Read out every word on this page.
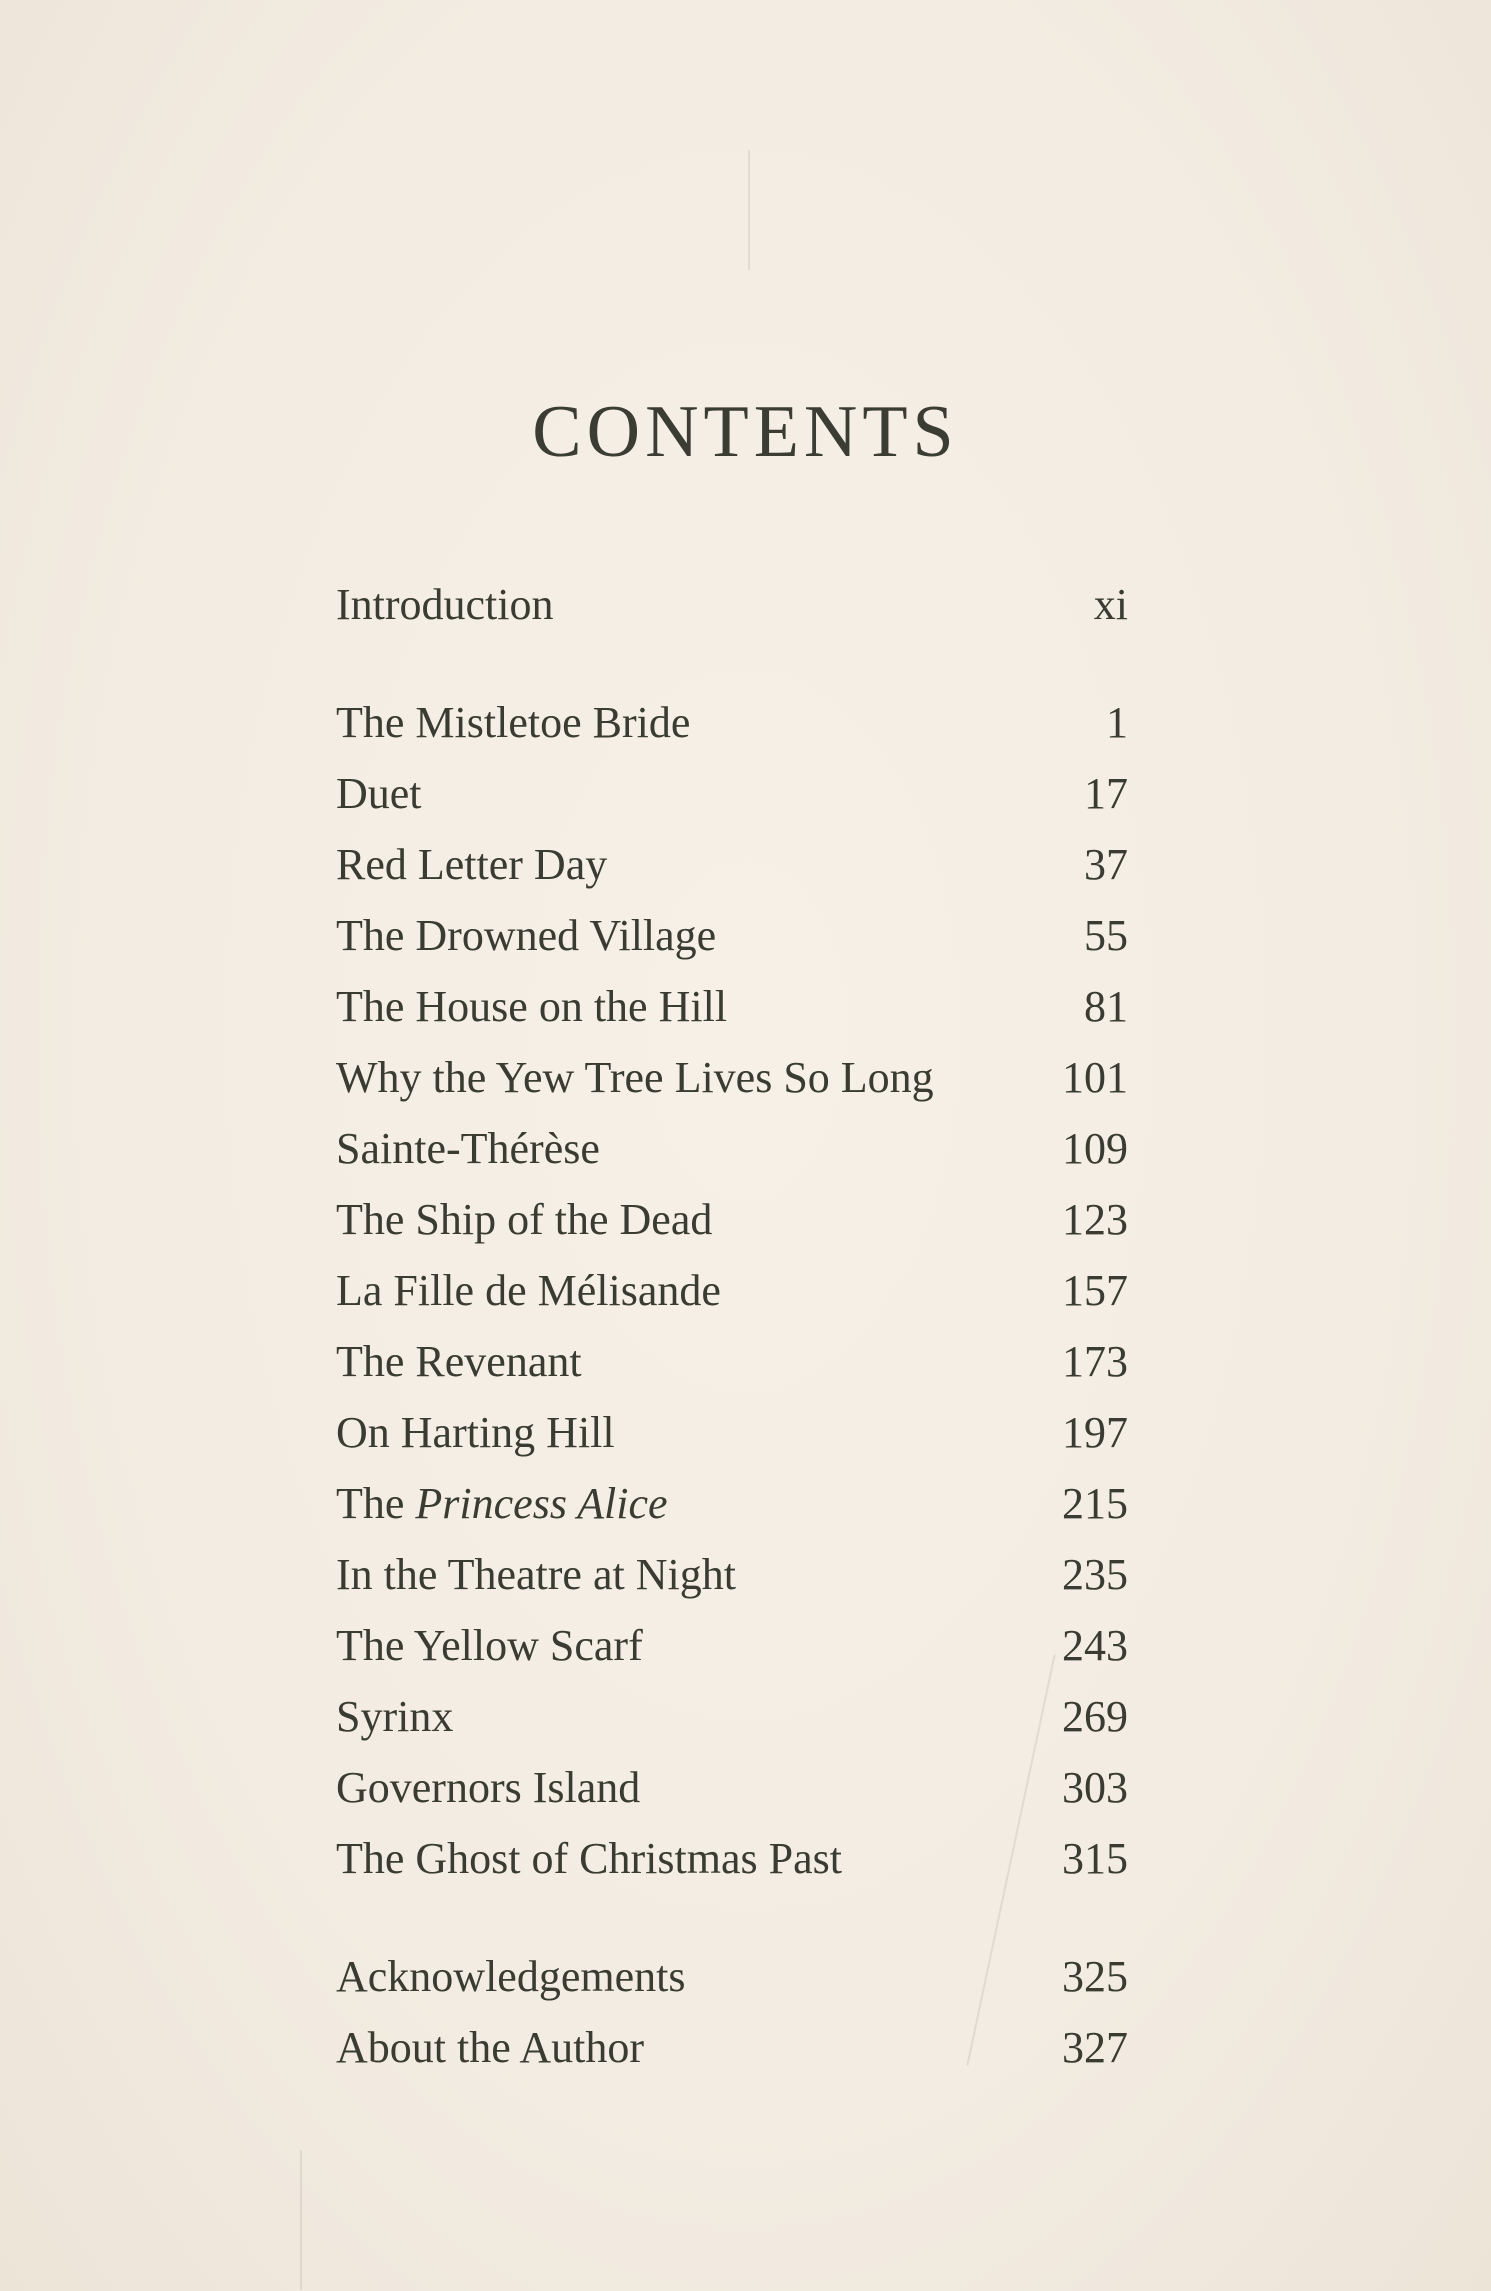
CONTENTS
Introduction	xi
The Mistletoe Bride	1
Duet	17
Red Letter Day	37
The Drowned Village	55
The House on the Hill	81
Why the Yew Tree Lives So Long	101
Sainte-Thérèse	109
The Ship of the Dead	123
La Fille de Mélisande	157
The Revenant	173
On Harting Hill	197
The Princess Alice	215
In the Theatre at Night	235
The Yellow Scarf	243
Syrinx	269
Governors Island	303
The Ghost of Christmas Past	315
Acknowledgements	325
About the Author	327
